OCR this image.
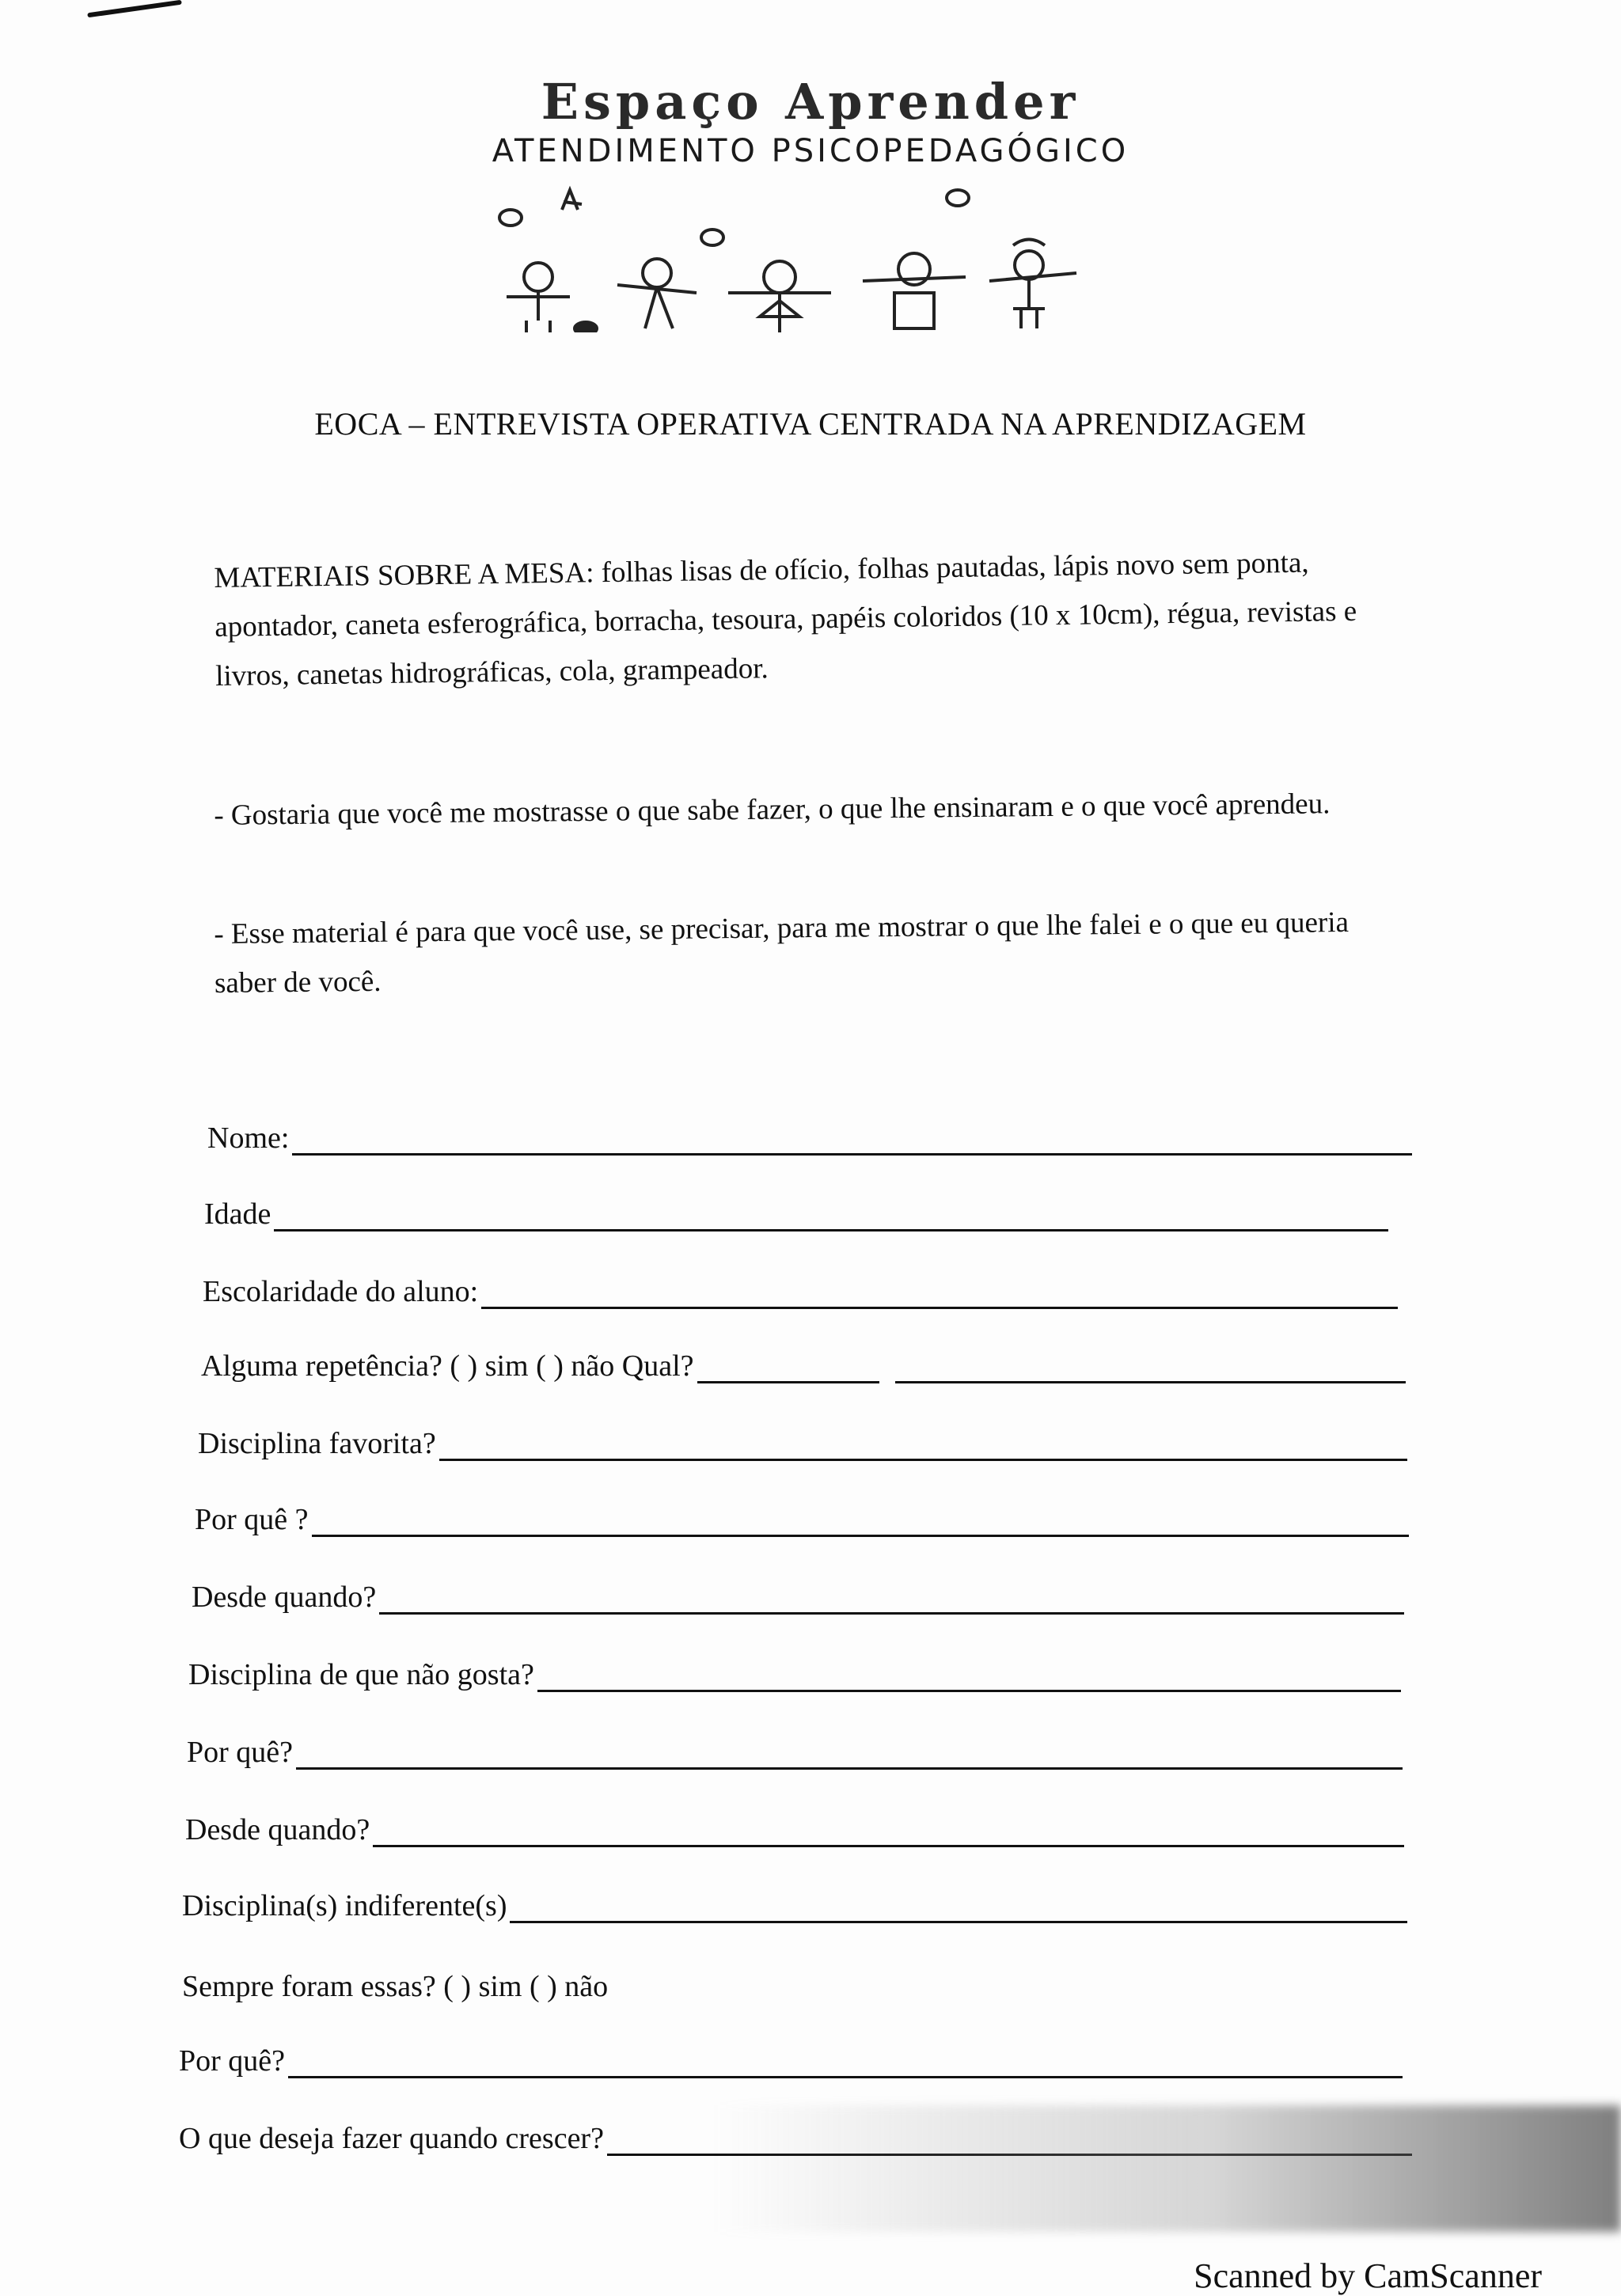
Espaço Aprender
ATENDIMENTO PSICOPEDAGÓGICO
EOCA – ENTREVISTA OPERATIVA CENTRADA NA APRENDIZAGEM
MATERIAIS SOBRE A MESA: folhas lisas de ofício, folhas pautadas, lápis novo sem ponta, apontador, caneta esferográfica, borracha, tesoura, papéis coloridos (10 x 10cm), régua, revistas e livros, canetas hidrográficas, cola, grampeador.
- Gostaria que você me mostrasse o que sabe fazer, o que lhe ensinaram e o que você aprendeu.
- Esse material é para que você use, se precisar, para me mostrar o que lhe falei e o que eu queria saber de você.
Nome:
Idade
Escolaridade do aluno:
Alguma repetência? ( ) sim ( ) não Qual?
Disciplina favorita?
Por quê ?
Desde quando?
Disciplina de que não gosta?
Por quê?
Desde quando?
Disciplina(s) indiferente(s)
Sempre foram essas? ( ) sim ( ) não
Por quê?
O que deseja fazer quando crescer?
Scanned by CamScanner
